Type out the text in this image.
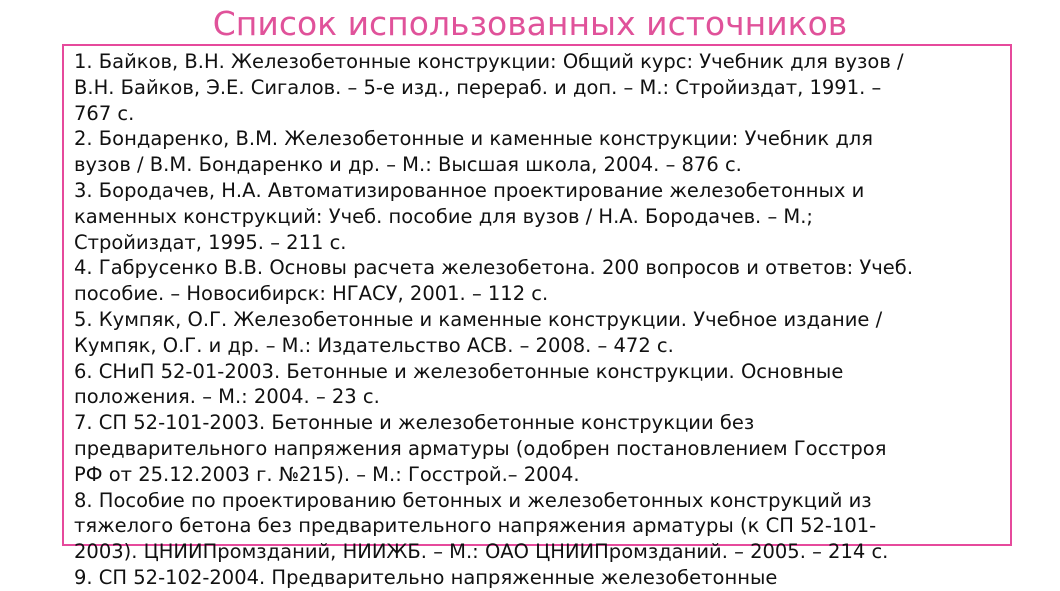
Список использованных источников
1. Байков, В.Н. Железобетонные конструкции: Общий курс: Учебник для вузов /
В.Н. Байков, Э.Е. Сигалов. – 5-е изд., перераб. и доп. – М.: Стройиздат, 1991. –
767 с.
2. Бондаренко, В.М. Железобетонные и каменные конструкции: Учебник для
вузов / В.М. Бондаренко и др. – М.: Высшая школа, 2004. – 876 с.
3. Бородачев, Н.А. Автоматизированное проектирование железобетонных и
каменных конструкций: Учеб. пособие для вузов / Н.А. Бородачев. – М.;
Стройиздат, 1995. – 211 с.
4. Габрусенко В.В. Основы расчета железобетона. 200 вопросов и ответов: Учеб.
пособие. – Новосибирск: НГАСУ, 2001. – 112 с.
5. Кумпяк, О.Г. Железобетонные и каменные конструкции. Учебное издание /
Кумпяк, О.Г. и др. – М.: Издательство АСВ. – 2008. – 472 с.
6. СНиП 52-01-2003. Бетонные и железобетонные конструкции. Основные
положения. – М.: 2004. – 23 с.
7. СП 52-101-2003. Бетонные и железобетонные конструкции без
предварительного напряжения арматуры (одобрен постановлением Госстроя
РФ от 25.12.2003 г. №215). – М.: Госстрой.– 2004.
8. Пособие по проектированию бетонных и железобетонных конструкций из
тяжелого бетона без предварительного напряжения арматуры (к СП 52-101-
2003). ЦНИИПромзданий, НИИЖБ. – М.: ОАО ЦНИИПромзданий. – 2005. – 214 с.
9. СП 52-102-2004. Предварительно напряженные железобетонные
